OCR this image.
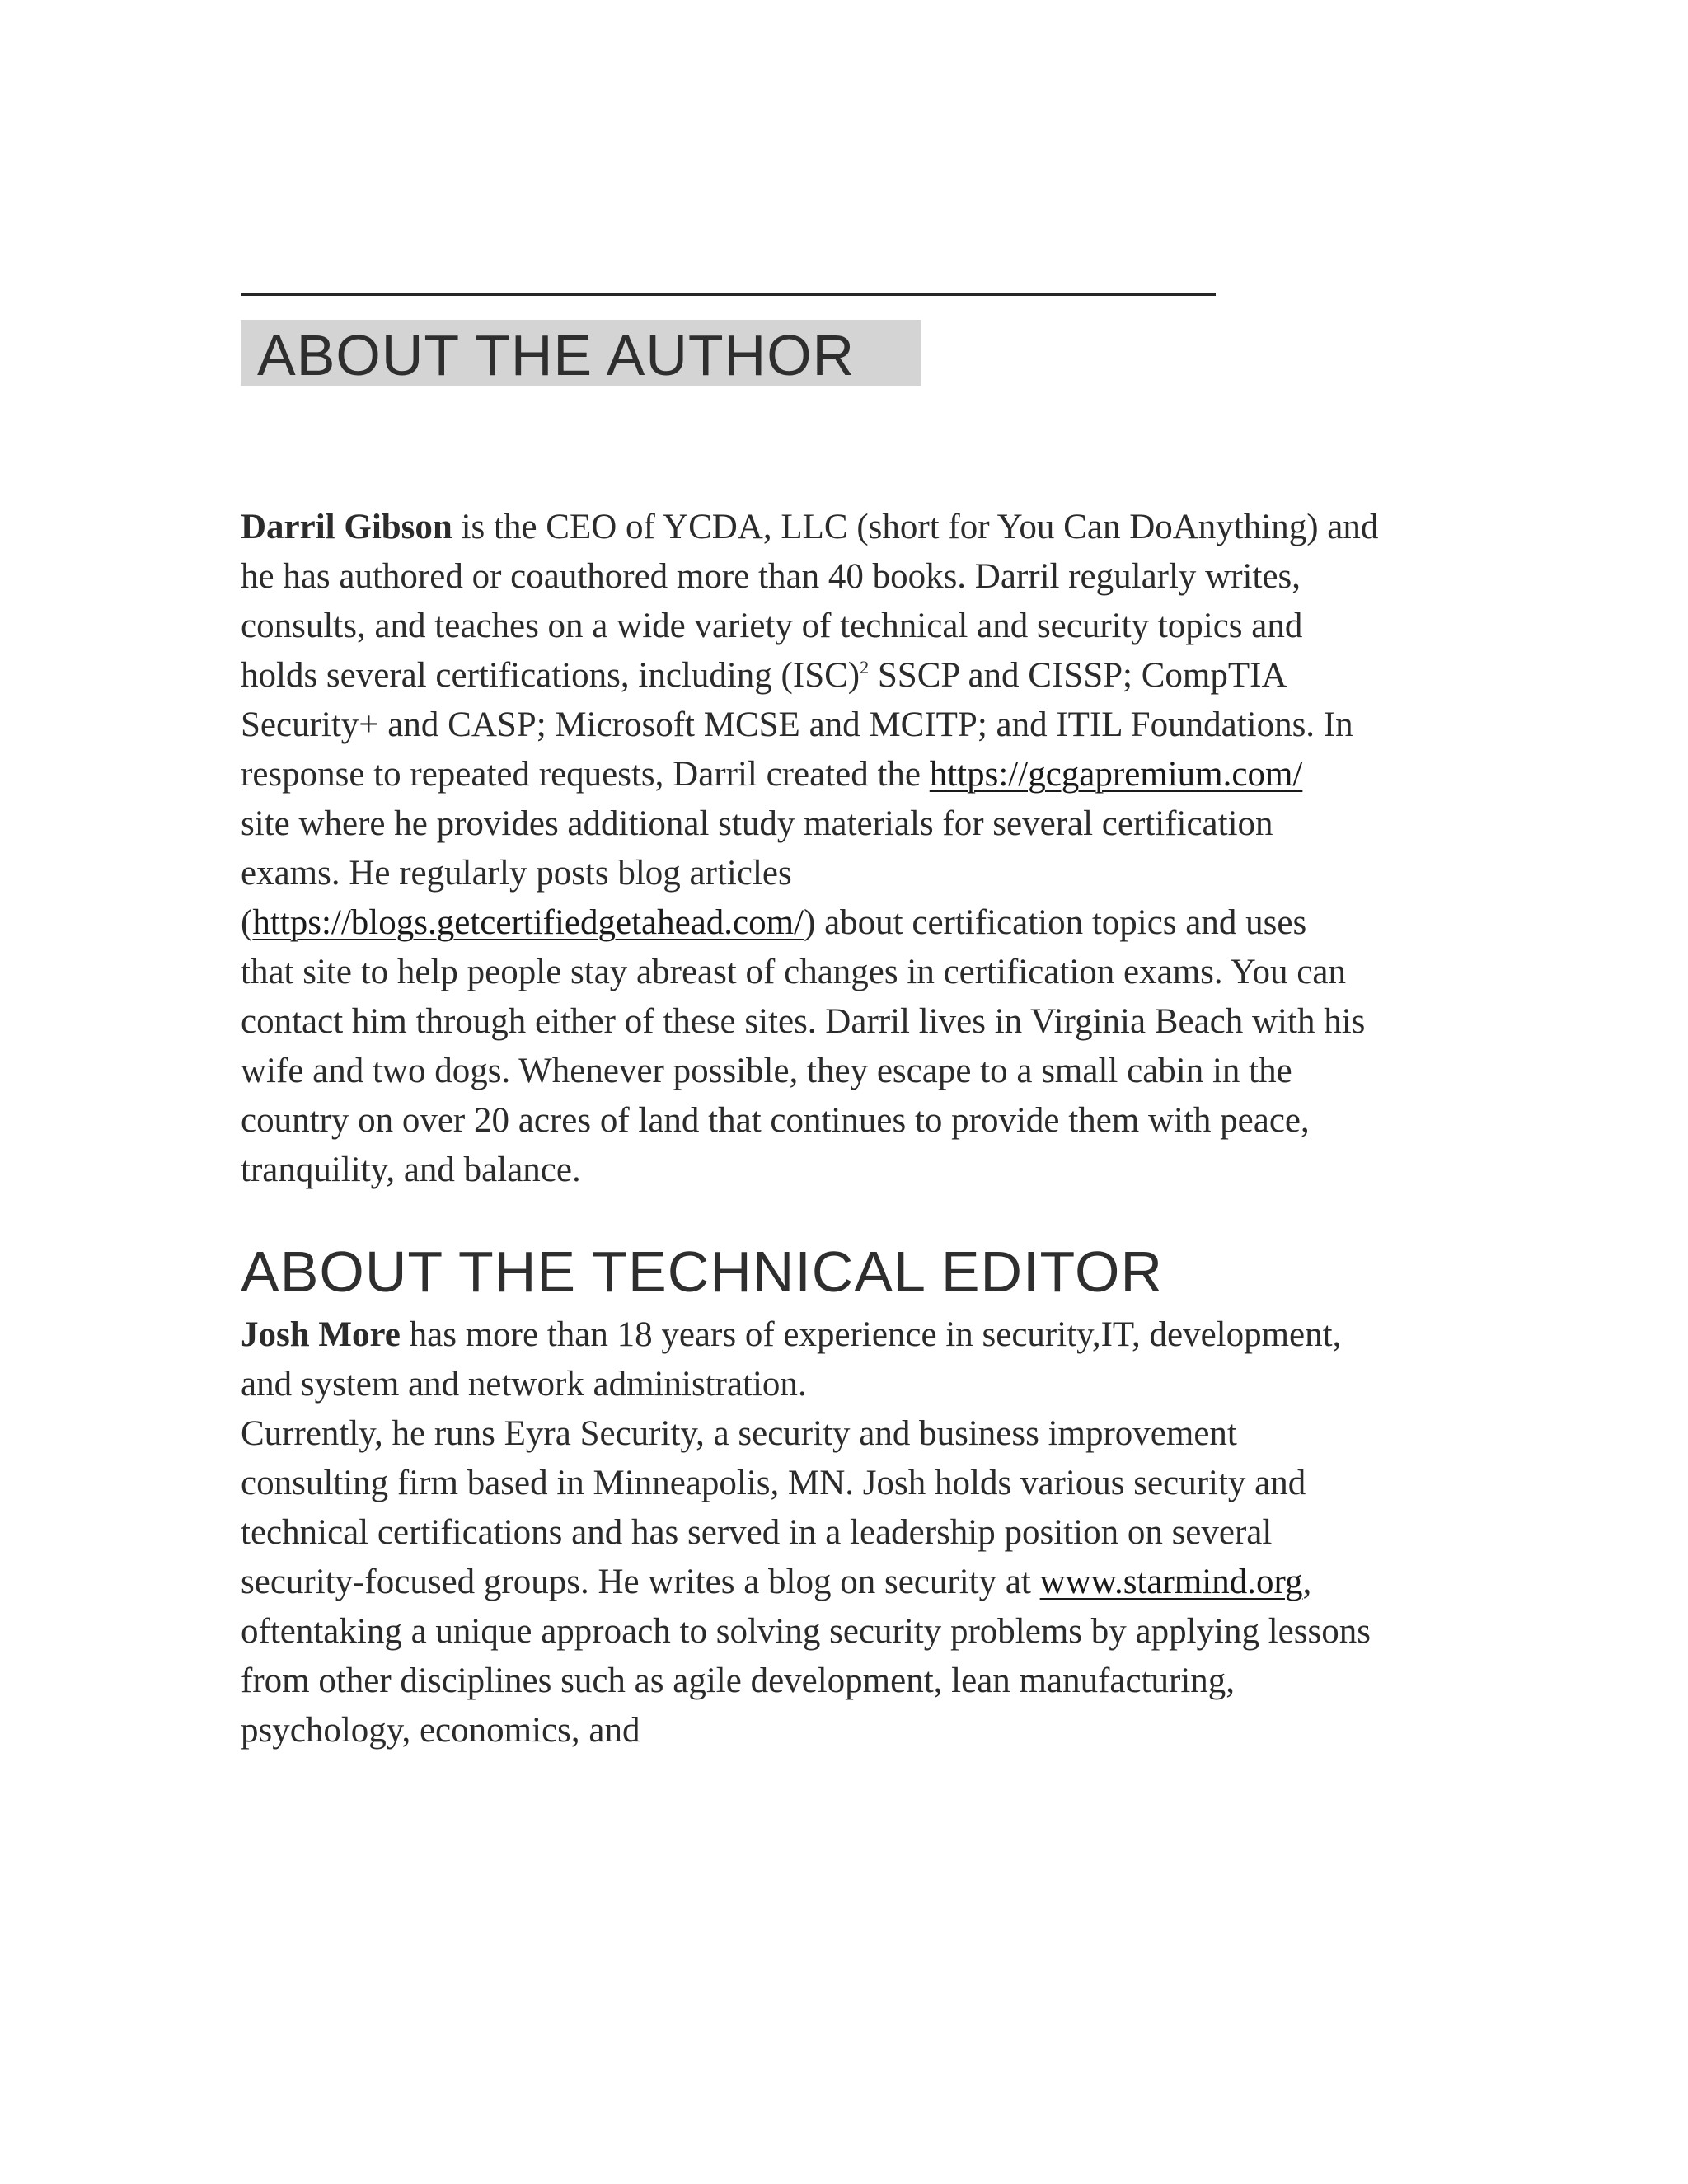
ABOUT THE AUTHOR
Darril Gibson is the CEO of YCDA, LLC (short for You Can DoAnything) and
he has authored or coauthored more than 40 books. Darril regularly writes,
consults, and teaches on a wide variety of technical and security topics and
holds several certifications, including (ISC)$^2$ SSCP and CISSP; CompTIA
Security+ and CASP; Microsoft MCSE and MCITP; and ITIL Foundations. In
response to repeated requests, Darril created the https://gcgapremium.com/
site where he provides additional study materials for several certification
exams. He regularly posts blog articles
(https://blogs.getcertifiedgetahead.com/) about certification topics and uses
that site to help people stay abreast of changes in certification exams. You can
contact him through either of these sites. Darril lives in Virginia Beach with his
wife and two dogs. Whenever possible, they escape to a small cabin in the
country on over 20 acres of land that continues to provide them with peace,
tranquility, and balance.
ABOUT THE TECHNICAL EDITOR
Josh More has more than 18 years of experience in security,IT, development,
and system and network administration.
Currently, he runs Eyra Security, a security and business improvement
consulting firm based in Minneapolis, MN. Josh holds various security and
technical certifications and has served in a leadership position on several
security-focused groups. He writes a blog on security at www.starmind.org,
oftentaking a unique approach to solving security problems by applying lessons
from other disciplines such as agile development, lean manufacturing,
psychology, economics, and
